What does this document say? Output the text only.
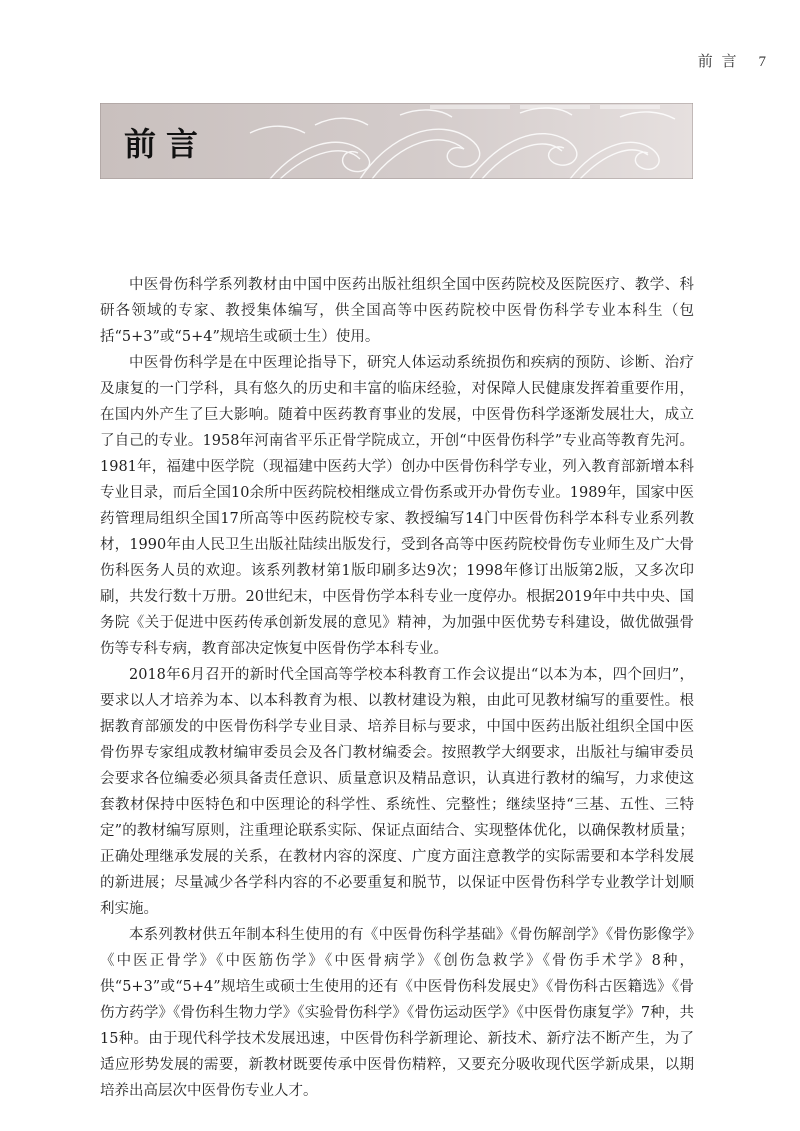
前 言 7
前言

中医骨伤科学系列教材由中国中医药出版社组织全国中医药院校及医院医疗、教学、科研各领域的专家、教授集体编写，供全国高等中医药院校中医骨伤科学专业本科生（包括“5+3”或“5+4”规培生或硕士生）使用。

中医骨伤科学是在中医理论指导下，研究人体运动系统损伤和疾病的预防、诊断、治疗及康复的一门学科，具有悠久的历史和丰富的临床经验，对保障人民健康发挥着重要作用，在国内外产生了巨大影响。随着中医药教育事业的发展，中医骨伤科学逐渐发展壮大，成立了自己的专业。1958年河南省平乐正骨学院成立，开创“中医骨伤科学”专业高等教育先河。1981年，福建中医学院（现福建中医药大学）创办中医骨伤科学专业，列入教育部新增本科专业目录，而后全国10余所中医药院校相继成立骨伤系或开办骨伤专业。1989年，国家中医药管理局组织全国17所高等中医药院校专家、教授编写14门中医骨伤科学本科专业系列教材，1990年由人民卫生出版社陆续出版发行，受到各高等中医药院校骨伤专业师生及广大骨伤科医务人员的欢迎。该系列教材第1版印刷多达9次；1998年修订出版第2版，又多次印刷，共发行数十万册。20世纪末，中医骨伤学本科专业一度停办。根据2019年中共中央、国务院《关于促进中医药传承创新发展的意见》精神，为加强中医优势专科建设，做优做强骨伤等专科专病，教育部决定恢复中医骨伤学本科专业。

2018年6月召开的新时代全国高等学校本科教育工作会议提出“以本为本，四个回归”，要求以人才培养为本、以本科教育为根、以教材建设为粮，由此可见教材编写的重要性。根据教育部颁发的中医骨伤科学专业目录、培养目标与要求，中国中医药出版社组织全国中医骨伤界专家组成教材编审委员会及各门教材编委会。按照教学大纲要求，出版社与编审委员会要求各位编委必须具备责任意识、质量意识及精品意识，认真进行教材的编写，力求使这套教材保持中医特色和中医理论的科学性、系统性、完整性；继续坚持“三基、五性、三特定”的教材编写原则，注重理论联系实际、保证点面结合、实现整体优化，以确保教材质量；正确处理继承发展的关系，在教材内容的深度、广度方面注意教学的实际需要和本学科发展的新进展；尽量减少各学科内容的不必要重复和脱节，以保证中医骨伤科学专业教学计划顺利实施。

本系列教材供五年制本科生使用的有《中医骨伤科学基础》《骨伤解剖学》《骨伤影像学》《中医正骨学》《中医筋伤学》《中医骨病学》《创伤急救学》《骨伤手术学》8种，供“5+3”或“5+4”规培生或硕士生使用的还有《中医骨伤科发展史》《骨伤科古医籍选》《骨伤方药学》《骨伤科生物力学》《实验骨伤科学》《骨伤运动医学》《中医骨伤康复学》7种，共15种。由于现代科学技术发展迅速，中医骨伤科学新理论、新技术、新疗法不断产生，为了适应形势发展的需要，新教材既要传承中医骨伤精粹，又要充分吸收现代医学新成果，以期培养出高层次中医骨伤专业人才。
